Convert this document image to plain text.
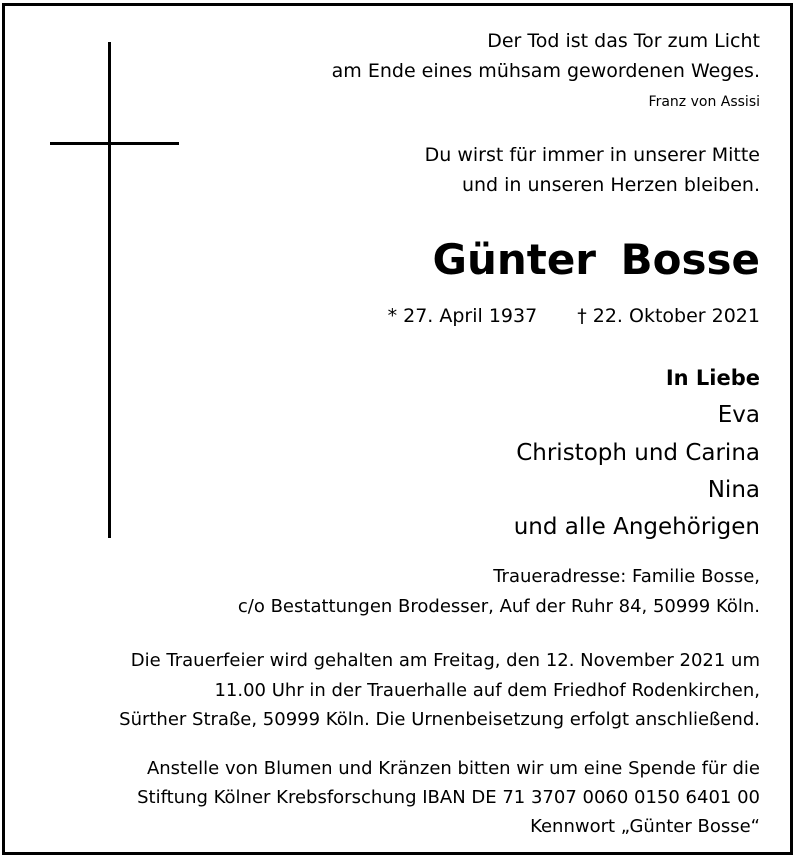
Der Tod ist das Tor zum Licht
am Ende eines mühsam gewordenen Weges.
Franz von Assisi
Du wirst für immer in unserer Mitte
und in unseren Herzen bleiben.
Günter Bosse
* 27. April 1937 † 22. Oktober 2021
In Liebe
Eva
Christoph und Carina
Nina
und alle Angehörigen
Traueradresse: Familie Bosse,
c/o Bestattungen Brodesser, Auf der Ruhr 84, 50999 Köln.
Die Trauerfeier wird gehalten am Freitag, den 12. November 2021 um
11.00 Uhr in der Trauerhalle auf dem Friedhof Rodenkirchen,
Sürther Straße, 50999 Köln. Die Urnenbeisetzung erfolgt anschließend.
Anstelle von Blumen und Kränzen bitten wir um eine Spende für die
Stiftung Kölner Krebsforschung IBAN DE 71 3707 0060 0150 6401 00
Kennwort „Günter Bosse“
